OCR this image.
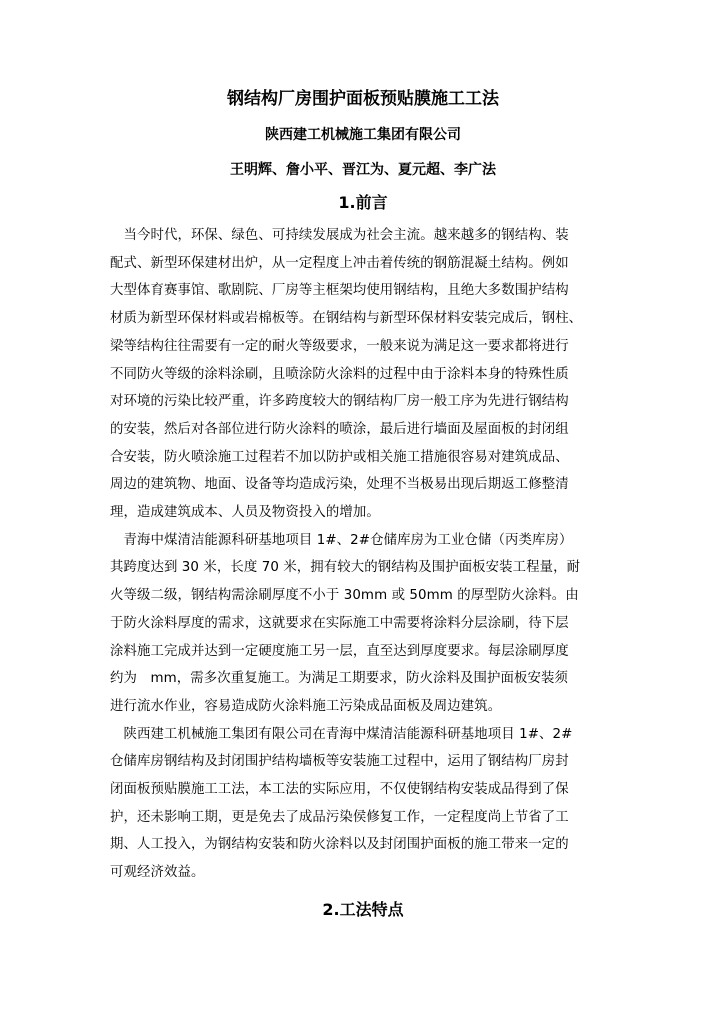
钢结构厂房围护面板预贴膜施工工法
陕西建工机械施工集团有限公司
王明辉、詹小平、晋江为、夏元超、李广法
1.前言

　当今时代，环保、绿色、可持续发展成为社会主流。越来越多的钢结构、装
配式、新型环保建材出炉，从一定程度上冲击着传统的钢筋混凝土结构。例如
大型体育赛事馆、歌剧院、厂房等主框架均使用钢结构，且绝大多数围护结构
材质为新型环保材料或岩棉板等。在钢结构与新型环保材料安装完成后，钢柱、
梁等结构往往需要有一定的耐火等级要求，一般来说为满足这一要求都将进行
不同防火等级的涂料涂刷，且喷涂防火涂料的过程中由于涂料本身的特殊性质
对环境的污染比较严重，许多跨度较大的钢结构厂房一般工序为先进行钢结构
的安装，然后对各部位进行防火涂料的喷涂，最后进行墙面及屋面板的封闭组
合安装，防火喷涂施工过程若不加以防护或相关施工措施很容易对建筑成品、
周边的建筑物、地面、设备等均造成污染，处理不当极易出现后期返工修整清
理，造成建筑成本、人员及物资投入的增加。

　青海中煤清洁能源科研基地项目 1#、2#仓储库房为工业仓储（丙类库房）
其跨度达到 30 米，长度 70 米，拥有较大的钢结构及围护面板安装工程量，耐
火等级二级，钢结构需涂刷厚度不小于 30mm 或 50mm 的厚型防火涂料。由
于防火涂料厚度的需求，这就要求在实际施工中需要将涂料分层涂刷，待下层
涂料施工完成并达到一定硬度施工另一层，直至达到厚度要求。每层涂刷厚度
约为　mm，需多次重复施工。为满足工期要求，防火涂料及围护面板安装须
进行流水作业，容易造成防火涂料施工污染成品面板及周边建筑。

　陕西建工机械施工集团有限公司在青海中煤清洁能源科研基地项目 1#、2#
仓储库房钢结构及封闭围护结构墙板等安装施工过程中，运用了钢结构厂房封
闭面板预贴膜施工工法，本工法的实际应用，不仅使钢结构安装成品得到了保
护，还未影响工期，更是免去了成品污染侯修复工作，一定程度尚上节省了工
期、人工投入，为钢结构安装和防火涂料以及封闭围护面板的施工带来一定的
可观经济效益。

2.工法特点
